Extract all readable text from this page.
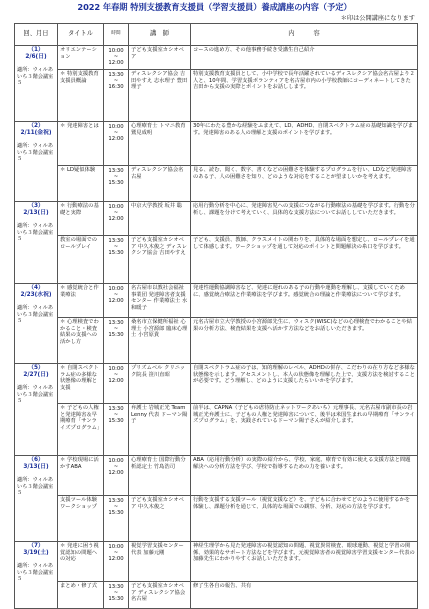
2022 年春期 特別支援教育支援員（学習支援員）養成講座の内容（予定）
＊印は公開講座になります
回、月日	タイトル	時間	講　師	内　　　容

（1）
2/6(日)
適所：ウィルあいち３階会議室５	オリエンテーション	10:00
~
12:00	子ども支援室カシオペア	コースの進め方、その他事務手続き受講生自己紹介
	＊ 特別支援教育支援員概論	13:30
~
16:30	ディスレクシア協会 吉田やすえ 志水理子 豊田理子	特別支援教育支援員として、小中学校で長年活躍されているディスレクシア協会名古屋より２人と、10年間、学習支援ボランティアを名古屋市内の小学校教師にコーディネートしてきた吉田から支援の実際とポイントをお話しします。

（2）
2/11(金祝)
適所：ウィルあいち３階会議室５	＊ 発達障害とは	10:00
~
12:00	心理療育士 トマニ教育 鷲見成明	30年にわたる豊かな経験をふまえて、LD、ADHD、自閉スペクトラム症の基礎知識を学びます。発達障害のある人の理解と支援のポイントを学びます。
	＊ LD疑似体験	13:30
~
15:30	ディスレクシア協会名古屋	見る、読む、聞く、数字、書くなどの困難さを体験するプログラムを行い、LDなど発達障害のある子、人の困難さを知り、どのような対応をすることが望ましいかを考えます。

（3）
2/13(日)
適所：ウィルあいち３階会議室５	＊ 行動療法の基礎と実際	10:00
~
12:00	中京大学教授 坂井 聡	応用行動分析を中心に、発達障害児への支援につながる行動療法の基礎を学びます。行動を分析し、課題を分けて考えていく、具体的な支援方法についてお話ししていただきます。
	教室の場面でのロールプレイ	13:30
~
15:30	子ども支援室カシオペア 中久木俊之 ディスレクシア協会 吉田やすえ	子ども、支援員、教師、クラスメイトの関わりを、具体的な場面を想定し、ロールプレイを通して体感します。ワークショップを通して対応のポイントと問題解決の糸口を学びます。

（4）
2/23(水祝)
適所：ウィルあいち３階会議室５	＊ 感覚統合と作業療法	10:00
~
12:00	名古屋市以教社会福祉事業団 発達障害者支援センター 作業療法士 水和暖子	発達性運動協調障害など、発達に遅れのある子の行動や運動を理解し、支援していくために、感覚統合療法と作業療法を学びます。感覚統合の理論と作業療法について学びます。
	＊ 心理検査でわかること・検査結果の支援への活かし方	13:30
~
15:30	桑名市立保健所福祉 心理士 小宮源郎 臨床心理士 小宮原貴	元名古屋市立大学教授の小宮源郎先生に、ウィスク(WISC)などの心理検査でわかることや結果の分析方法、検査結果を支援へ活かす方法などをお話しいただきます。

（5）
2/27(日)
適所：ウィルあいち３階会議室５	＊ 自閉スペクトラム症の多様な状態像の理解と支援	10:00
~
12:00	プリズムベル クリニック院長 笹川直昭	自閉スペクトラム症の子は、知的理解のレベル、ADHDの併存、こだわりの在り方など多様な状態像を示します。アセスメントし、本人の状態像を理解した上で、支援方法を検討することが必要です。どう理解し、どのように支援したらいいかを学びます。
	＊ 子どもの人権と発達障害＆早期療育「サンライズプログラム」	13:30
~
15:30	弁護士 岩城正光 Team Lenny 代表 ドーマン陽子	前半は、CAPNA（子どもの虐待防止ネットワークあいち）元理事長、元名古屋市副市長の岩城正光弁護士に、子どもの人権と発達障害について、後半は米国生まれの早期療育「サンライズプログラム」を、実践されているドーマン陽子さんが紹介します。

（6）
3/13(日)
適所：ウィルあいち３階会議室５	＊ 学校現場に活かすABA	10:00
~
12:00	心理療育士 国際行動分析認定士 竹島浩司	ABA（応用行動分析）の実際の紹介から、学校、家庭、療育で有効に使える支援方法と問題解決への分析方法を学び、学校で指導するための力を養います。
	支援ツール体験ワークショップ	13:30
~
15:30	子ども支援室カシオペア 中久木俊之	行動を支援する支援ツール（視覚支援など）を、子どもに合わせてどのように使用するかを体験し、課題分析を通じて、具体的な場面での観察、分析、対応の方法を学びます。

（7）
3/19(土)
適所：ウィルあいち３階会議室５	＊ 発達に困う視覚認知の問題への対応	10:00
~
12:00	視覚学習支援センター代表 加藤元剛	神経生理学から見た発達障害の視覚認知の問題、視覚異常検査、眼球運動、視覚と学習の関係、効果的なサポート方法などを学びます。元視覚障害者の視覚障害学習支援センター代表の加藤先生にわかりやすくお話しいただきます。
	まとめ・修了式	13:30
~
15:30	子ども支援室カシオペア ディスレクシア協会名古屋	修了生各自の報告、共有
